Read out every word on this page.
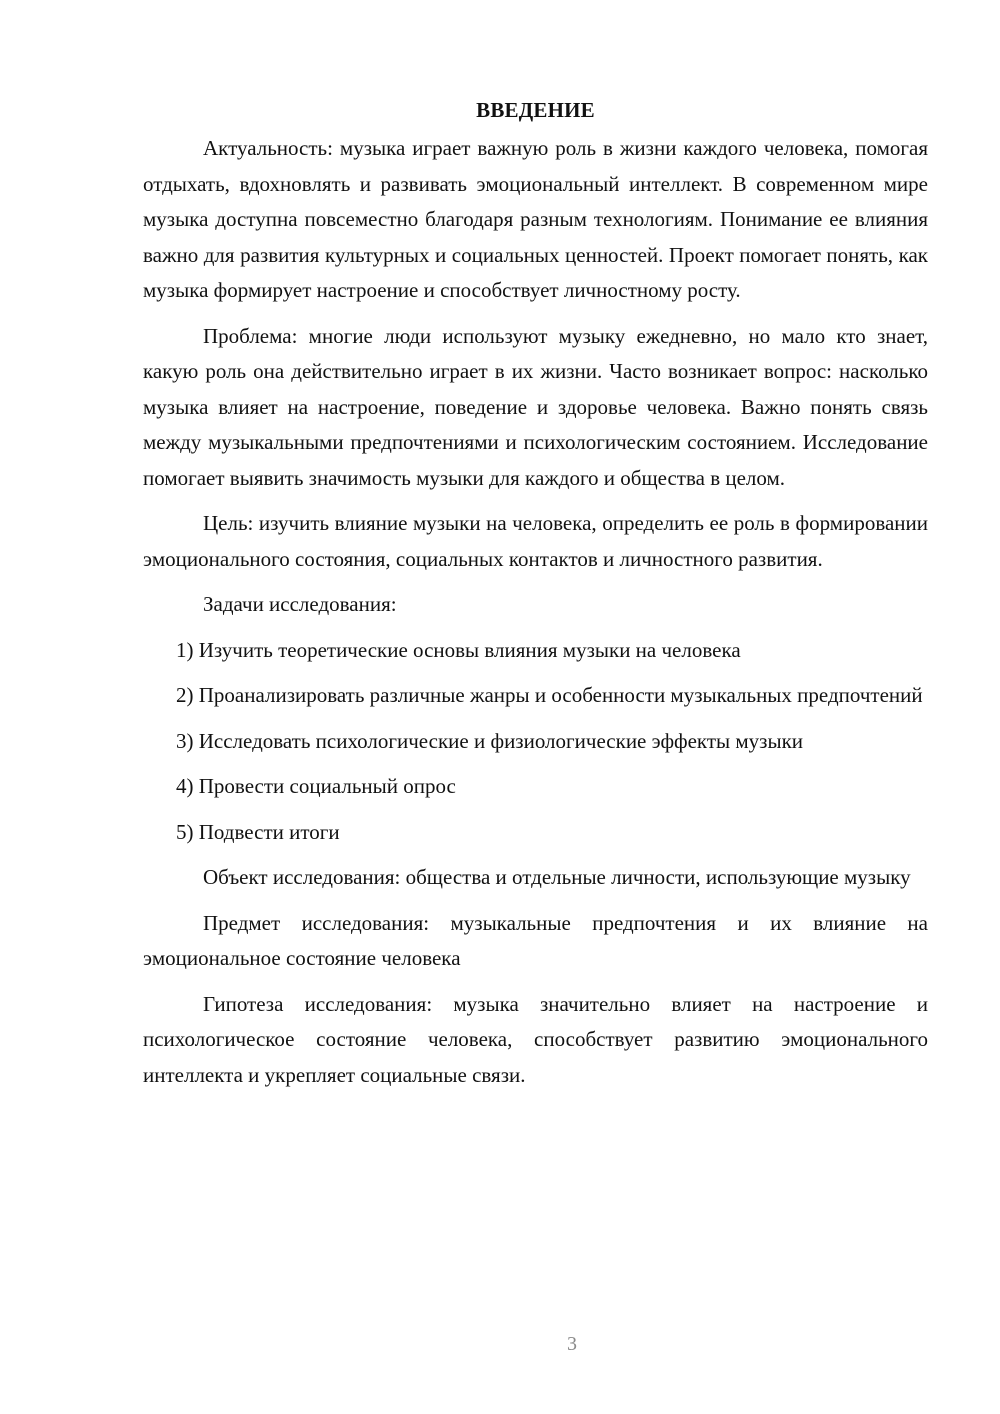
ВВЕДЕНИЕ

Актуальность: музыка играет важную роль в жизни каждого человека, помогая отдыхать, вдохновлять и развивать эмоциональный интеллект. В современном мире музыка доступна повсеместно благодаря разным технологиям. Понимание ее влияния важно для развития культурных и социальных ценностей. Проект помогает понять, как музыка формирует настроение и способствует личностному росту.

Проблема: многие люди используют музыку ежедневно, но мало кто знает, какую роль она действительно играет в их жизни. Часто возникает вопрос: насколько музыка влияет на настроение, поведение и здоровье человека. Важно понять связь между музыкальными предпочтениями и психологическим состоянием. Исследование помогает выявить значимость музыки для каждого и общества в целом.

Цель: изучить влияние музыки на человека, определить ее роль в формировании эмоционального состояния, социальных контактов и личностного развития.

Задачи исследования:

1) Изучить теоретические основы влияния музыки на человека

2) Проанализировать различные жанры и особенности музыкальных предпочтений

3) Исследовать психологические и физиологические эффекты музыки

4) Провести социальный опрос

5) Подвести итоги

Объект исследования: общества и отдельные личности, использующие музыку

Предмет исследования: музыкальные предпочтения и их влияние на эмоциональное состояние человека

Гипотеза исследования: музыка значительно влияет на настроение и психологическое состояние человека, способствует развитию эмоционального интеллекта и укрепляет социальные связи.

3
